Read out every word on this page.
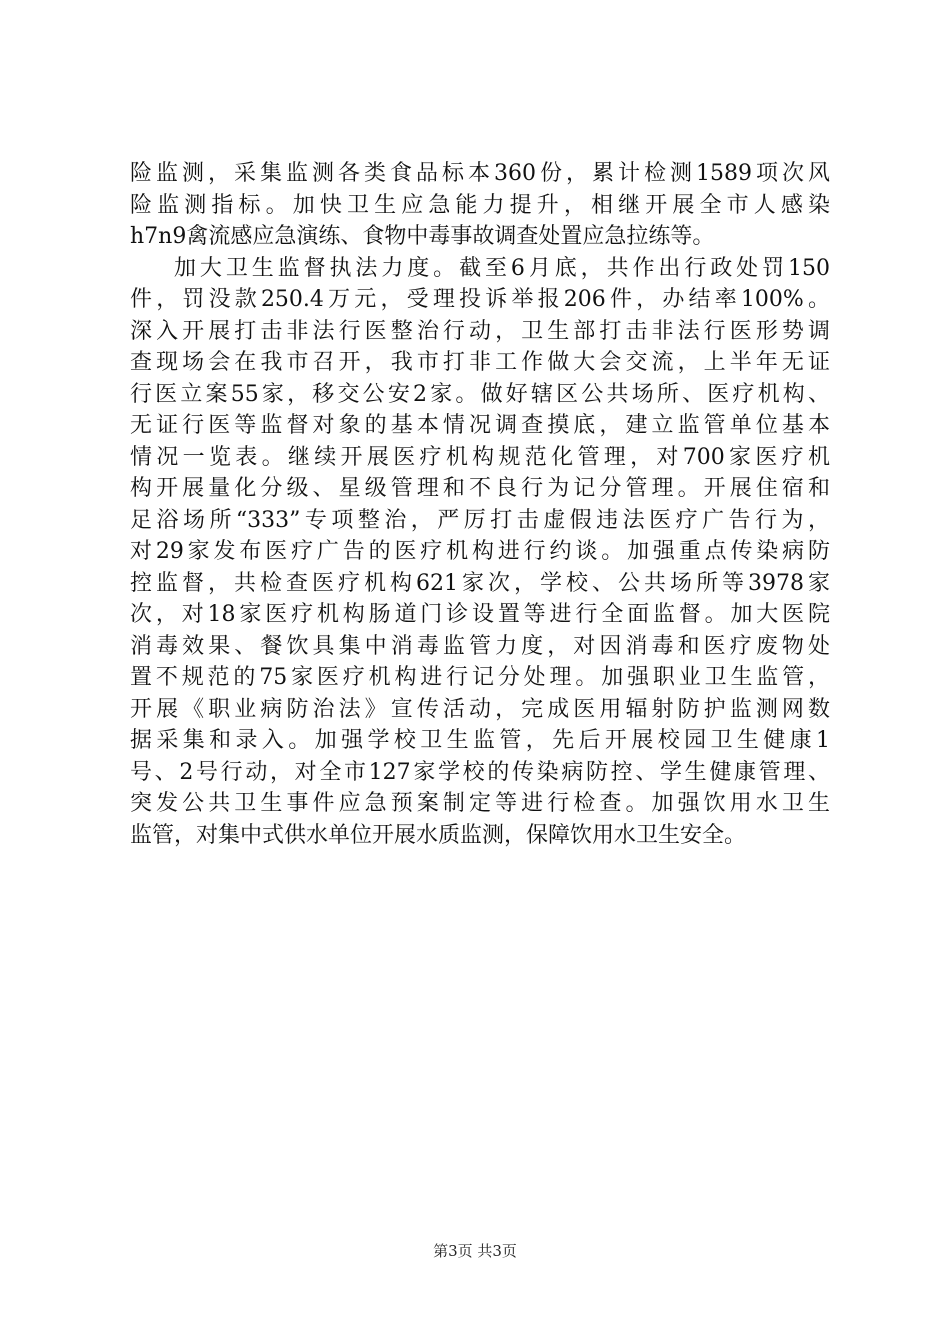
险监测，采集监测各类食品标本360份，累计检测1589项次风
险监测指标。加快卫生应急能力提升，相继开展全市人感染
h7n9禽流感应急演练、食物中毒事故调查处置应急拉练等。
加大卫生监督执法力度。截至6月底，共作出行政处罚150
件，罚没款250.4万元，受理投诉举报206件，办结率100%。
深入开展打击非法行医整治行动，卫生部打击非法行医形势调
查现场会在我市召开，我市打非工作做大会交流，上半年无证
行医立案55家，移交公安2家。做好辖区公共场所、医疗机构、
无证行医等监督对象的基本情况调查摸底，建立监管单位基本
情况一览表。继续开展医疗机构规范化管理，对700家医疗机
构开展量化分级、星级管理和不良行为记分管理。开展住宿和
足浴场所“333”专项整治，严厉打击虚假违法医疗广告行为，
对29家发布医疗广告的医疗机构进行约谈。加强重点传染病防
控监督，共检查医疗机构621家次，学校、公共场所等3978家
次，对18家医疗机构肠道门诊设置等进行全面监督。加大医院
消毒效果、餐饮具集中消毒监管力度，对因消毒和医疗废物处
置不规范的75家医疗机构进行记分处理。加强职业卫生监管，
开展《职业病防治法》宣传活动，完成医用辐射防护监测网数
据采集和录入。加强学校卫生监管，先后开展校园卫生健康1
号、2号行动，对全市127家学校的传染病防控、学生健康管理、
突发公共卫生事件应急预案制定等进行检查。加强饮用水卫生
监管，对集中式供水单位开展水质监测，保障饮用水卫生安全。
第3页 共3页
